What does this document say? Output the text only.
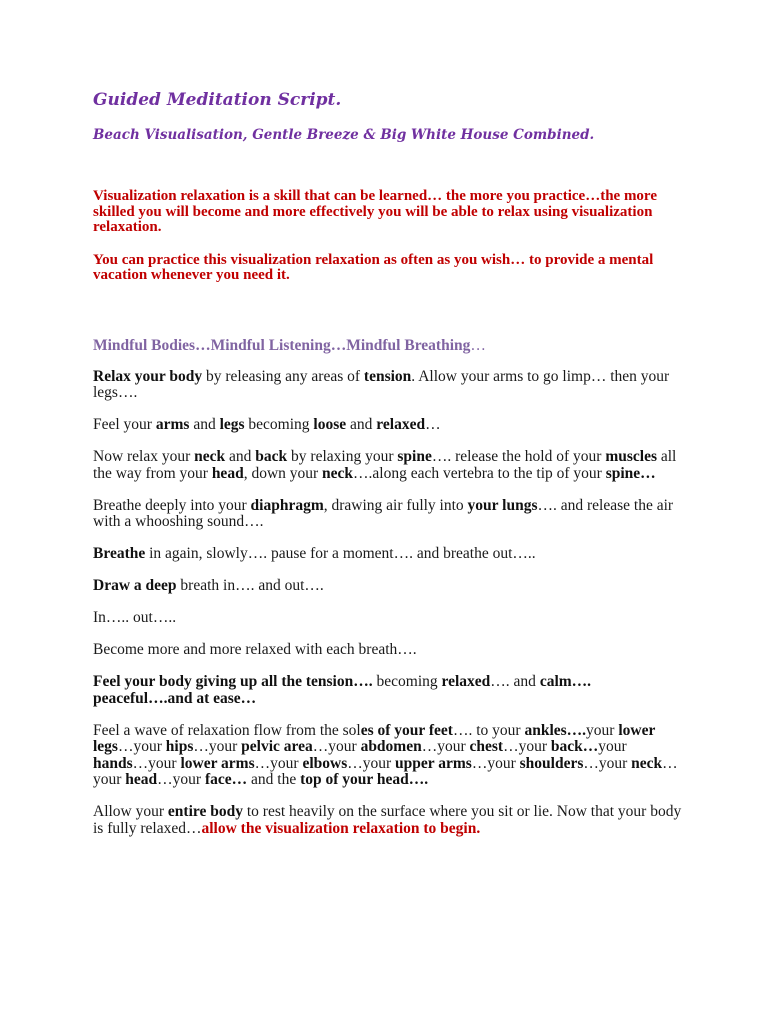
Guided Meditation Script.
Beach Visualisation, Gentle Breeze & Big White House Combined.

Visualization relaxation is a skill that can be learned… the more you practice…the more skilled you will become and more effectively you will be able to relax using visualization relaxation.

You can practice this visualization relaxation as often as you wish… to provide a mental vacation whenever you need it.

Mindful Bodies…Mindful Listening…Mindful Breathing…

Relax your body by releasing any areas of tension. Allow your arms to go limp… then your legs….

Feel your arms and legs becoming loose and relaxed…

Now relax your neck and back by relaxing your spine…. release the hold of your muscles all the way from your head, down your neck….along each vertebra to the tip of your spine…

Breathe deeply into your diaphragm, drawing air fully into your lungs…. and release the air with a whooshing sound….

Breathe in again, slowly…. pause for a moment…. and breathe out…..

Draw a deep breath in…. and out….

In….. out…..

Become more and more relaxed with each breath….

Feel your body giving up all the tension…. becoming relaxed…. and calm…. peaceful….and at ease…

Feel a wave of relaxation flow from the soles of your feet…. to your ankles….your lower legs…your hips…your pelvic area…your abdomen…your chest…your back…your hands…your lower arms…your elbows…your upper arms…your shoulders…your neck… your head…your face… and the top of your head….

Allow your entire body to rest heavily on the surface where you sit or lie. Now that your body is fully relaxed…allow the visualization relaxation to begin.
